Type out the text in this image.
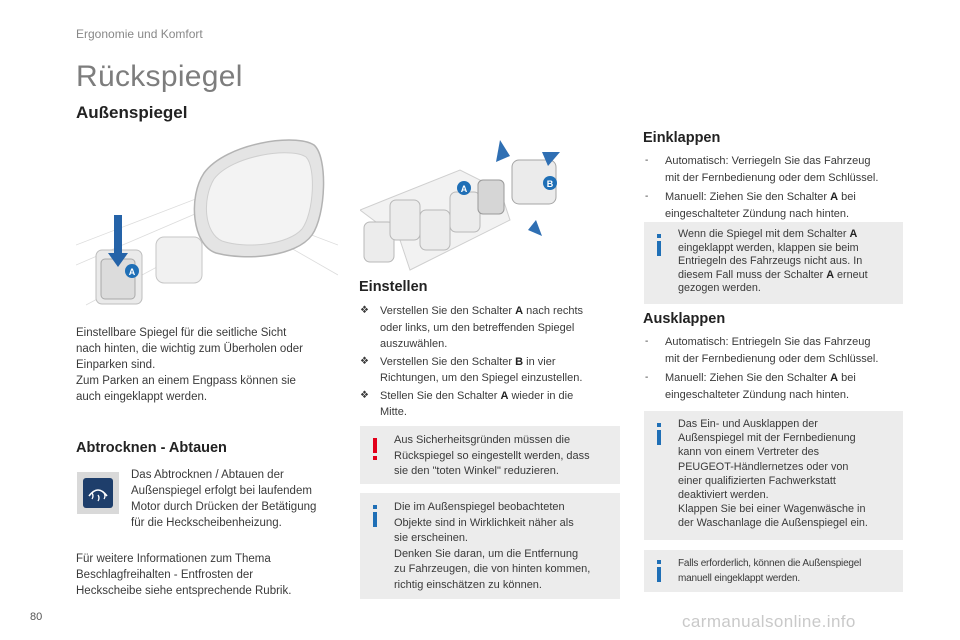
Ergonomie und Komfort
Rückspiegel
Außenspiegel
A
A	B
Einstellbare Spiegel für die seitliche Sicht
nach hinten, die wichtig zum Überholen oder
Einparken sind.
Zum Parken an einem Engpass können sie
auch eingeklappt werden.
Abtrocknen - Abtauen
Das Abtrocknen / Abtauen der
Außenspiegel erfolgt bei laufendem
Motor durch Drücken der Betätigung
für die Heckscheibenheizung.
Für weitere Informationen zum Thema
Beschlagfreihalten - Entfrosten der
Heckscheibe siehe entsprechende Rubrik.
Einstellen
❖ Verstellen Sie den Schalter A nach rechts
oder links, um den betreffenden Spiegel
auszuwählen.
❖ Verstellen Sie den Schalter B in vier
Richtungen, um den Spiegel einzustellen.
❖ Stellen Sie den Schalter A wieder in die
Mitte.
Aus Sicherheitsgründen müssen die
Rückspiegel so eingestellt werden, dass
sie den "toten Winkel" reduzieren.
Die im Außenspiegel beobachteten
Objekte sind in Wirklichkeit näher als
sie erscheinen.
Denken Sie daran, um die Entfernung
zu Fahrzeugen, die von hinten kommen,
richtig einschätzen zu können.
Einklappen
- Automatisch: Verriegeln Sie das Fahrzeug
mit der Fernbedienung oder dem Schlüssel.
- Manuell: Ziehen Sie den Schalter A bei
eingeschalteter Zündung nach hinten.
Wenn die Spiegel mit dem Schalter A
eingeklappt werden, klappen sie beim
Entriegeln des Fahrzeugs nicht aus. In
diesem Fall muss der Schalter A erneut
gezogen werden.
Ausklappen
- Automatisch: Entriegeln Sie das Fahrzeug
mit der Fernbedienung oder dem Schlüssel.
- Manuell: Ziehen Sie den Schalter A bei
eingeschalteter Zündung nach hinten.
Das Ein- und Ausklappen der
Außenspiegel mit der Fernbedienung
kann von einem Vertreter des
PEUGEOT-Händlernetzes oder von
einer qualifizierten Fachwerkstatt
deaktiviert werden.
Klappen Sie bei einer Wagenwäsche in
der Waschanlage die Außenspiegel ein.
Falls erforderlich, können die Außenspiegel
manuell eingeklappt werden.
80	carmanualsonline.info
